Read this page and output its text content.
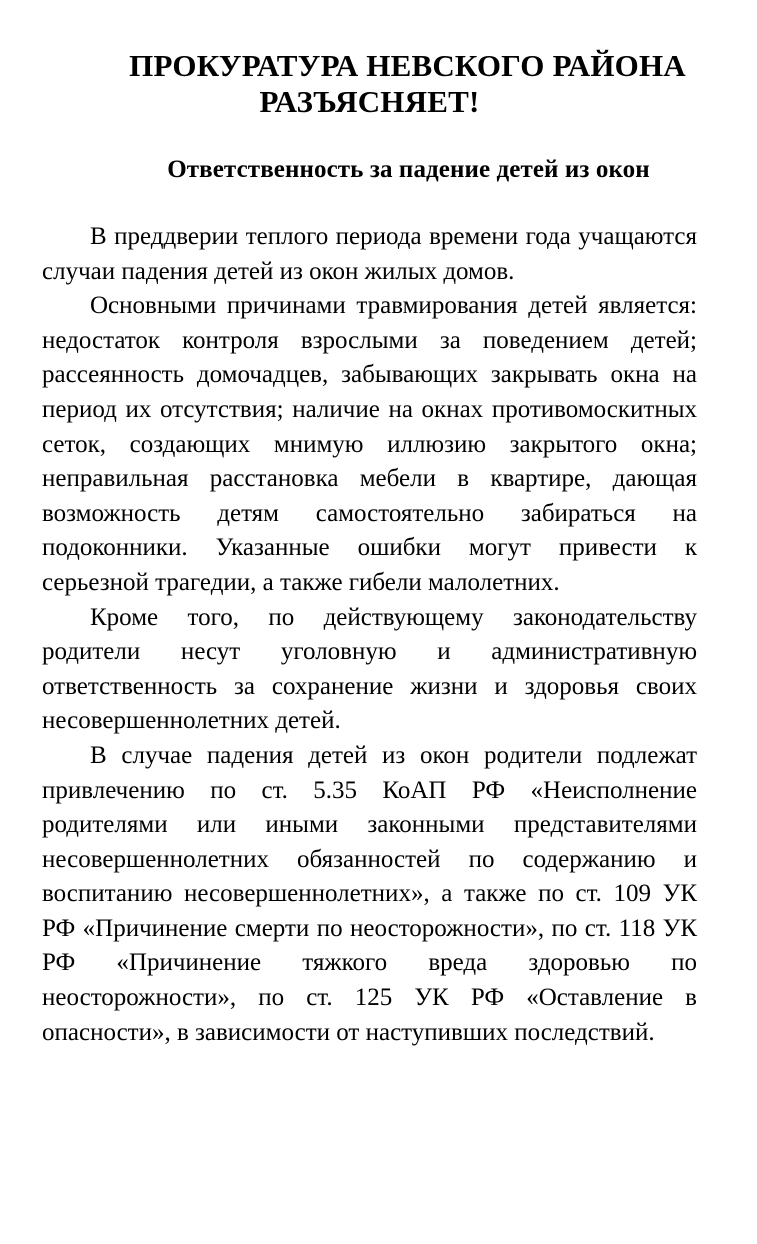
ПРОКУРАТУРА НЕВСКОГО РАЙОНА
РАЗЪЯСНЯЕТ!
Ответственность за падение детей из окон

В преддверии теплого периода времени года учащаются случаи падения детей из окон жилых домов.

Основными причинами травмирования детей является: недостаток контроля взрослыми за поведением детей; рассеянность домочадцев, забывающих закрывать окна на период их отсутствия; наличие на окнах противомоскитных сеток, создающих мнимую иллюзию закрытого окна; неправильная расстановка мебели в квартире, дающая возможность детям самостоятельно забираться на подоконники. Указанные ошибки могут привести к серьезной трагедии, а также гибели малолетних.

Кроме того, по действующему законодательству родители несут уголовную и административную ответственность за сохранение жизни и здоровья своих несовершеннолетних детей.

В случае падения детей из окон родители подлежат привлечению по ст. 5.35 КоАП РФ «Неисполнение родителями или иными законными представителями несовершеннолетних обязанностей по содержанию и воспитанию несовершеннолетних», а также по ст. 109 УК РФ «Причинение смерти по неосторожности», по ст. 118 УК РФ «Причинение тяжкого вреда здоровью по неосторожности», по ст. 125 УК РФ «Оставление в опасности», в зависимости от наступивших последствий.
